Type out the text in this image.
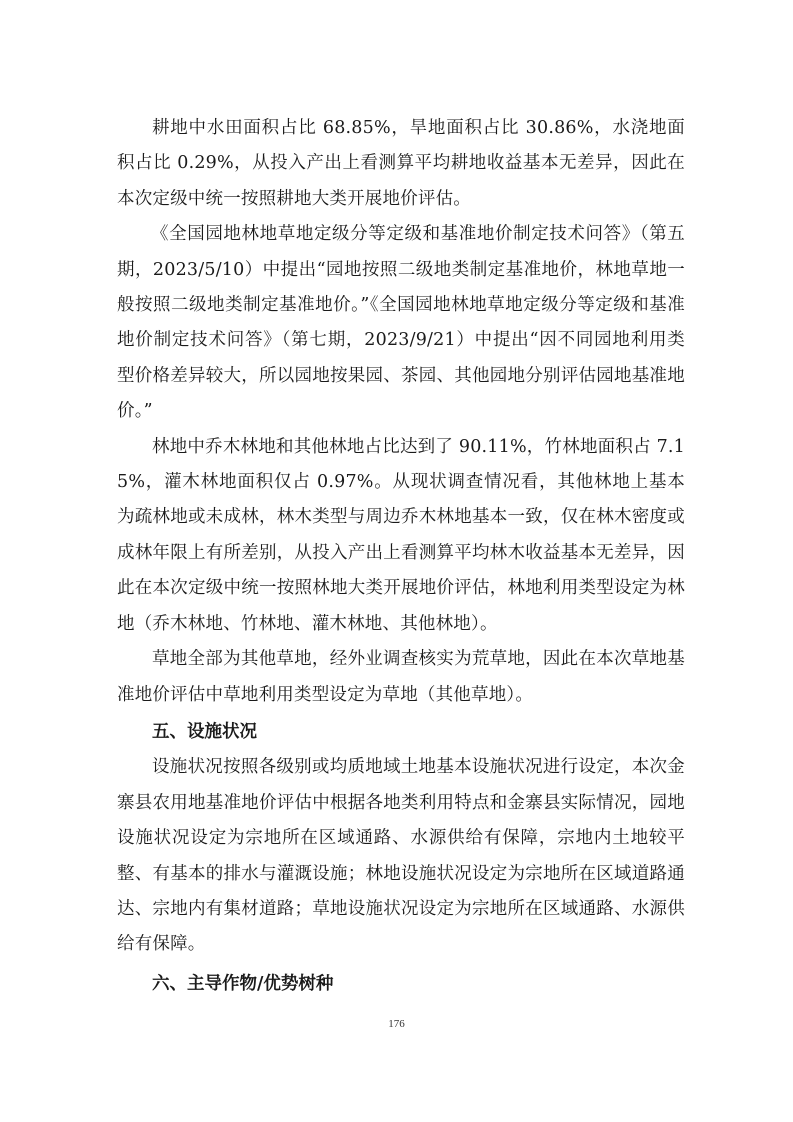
耕地中水田面积占比 68.85%，旱地面积占比 30.86%，水浇地面积占比 0.29%，从投入产出上看测算平均耕地收益基本无差异，因此在本次定级中统一按照耕地大类开展地价评估。

《全国园地林地草地定级分等定级和基准地价制定技术问答》（第五期，2023/5/10）中提出“园地按照二级地类制定基准地价，林地草地一般按照二级地类制定基准地价。”《全国园地林地草地定级分等定级和基准地价制定技术问答》（第七期，2023/9/21）中提出“因不同园地利用类型价格差异较大，所以园地按果园、茶园、其他园地分别评估园地基准地价。”

林地中乔木林地和其他林地占比达到了 90.11%，竹林地面积占 7.15%，灌木林地面积仅占 0.97%。从现状调查情况看，其他林地上基本为疏林地或未成林，林木类型与周边乔木林地基本一致，仅在林木密度或成林年限上有所差别，从投入产出上看测算平均林木收益基本无差异，因此在本次定级中统一按照林地大类开展地价评估，林地利用类型设定为林地（乔木林地、竹林地、灌木林地、其他林地）。

草地全部为其他草地，经外业调查核实为荒草地，因此在本次草地基准地价评估中草地利用类型设定为草地（其他草地）。

五、设施状况

设施状况按照各级别或均质地域土地基本设施状况进行设定，本次金寨县农用地基准地价评估中根据各地类利用特点和金寨县实际情况，园地设施状况设定为宗地所在区域通路、水源供给有保障，宗地内土地较平整、有基本的排水与灌溉设施；林地设施状况设定为宗地所在区域道路通达、宗地内有集材道路；草地设施状况设定为宗地所在区域通路、水源供给有保障。

六、主导作物/优势树种
176
